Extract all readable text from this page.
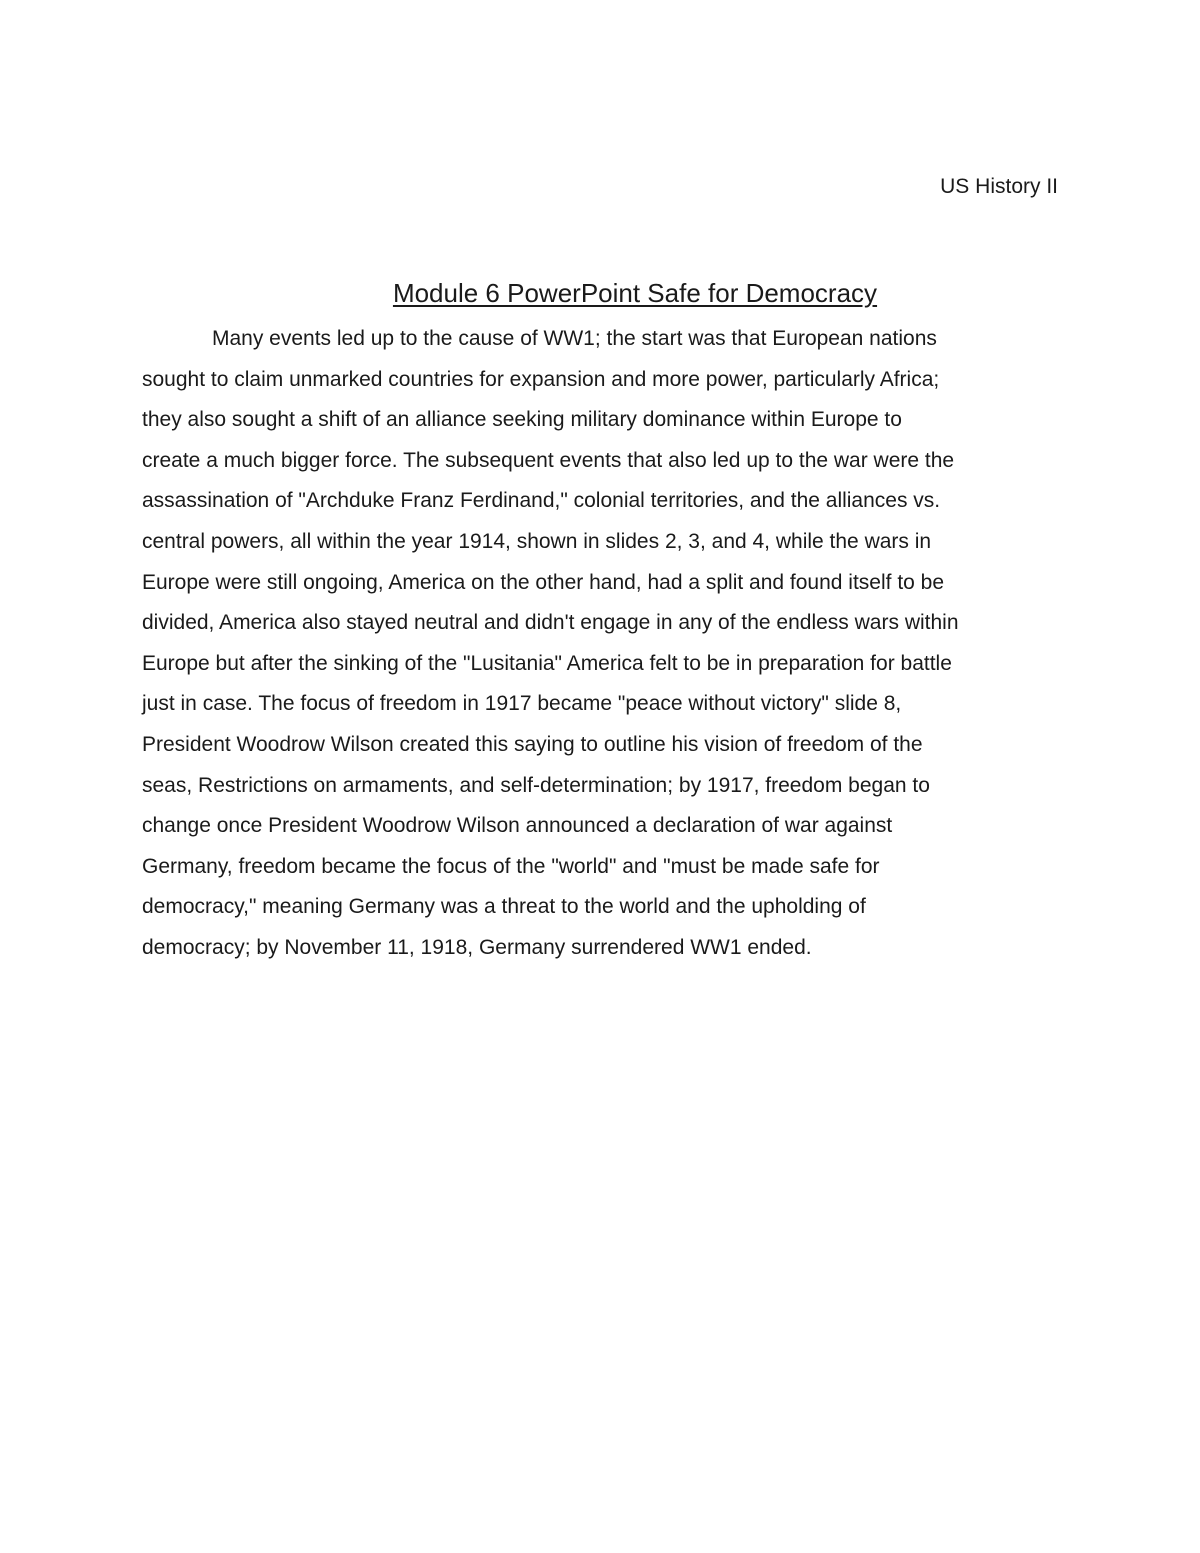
US History II
Module 6 PowerPoint Safe for Democracy
Many events led up to the cause of WW1; the start was that European nations
sought to claim unmarked countries for expansion and more power, particularly Africa;
they also sought a shift of an alliance seeking military dominance within Europe to
create a much bigger force. The subsequent events that also led up to the war were the
assassination of "Archduke Franz Ferdinand," colonial territories, and the alliances vs.
central powers, all within the year 1914, shown in slides 2, 3, and 4, while the wars in
Europe were still ongoing, America on the other hand, had a split and found itself to be
divided, America also stayed neutral and didn't engage in any of the endless wars within
Europe but after the sinking of the "Lusitania" America felt to be in preparation for battle
just in case. The focus of freedom in 1917 became "peace without victory" slide 8,
President Woodrow Wilson created this saying to outline his vision of freedom of the
seas, Restrictions on armaments, and self-determination; by 1917, freedom began to
change once President Woodrow Wilson announced a declaration of war against
Germany, freedom became the focus of the "world" and "must be made safe for
democracy," meaning Germany was a threat to the world and the upholding of
democracy; by November 11, 1918, Germany surrendered WW1 ended.
